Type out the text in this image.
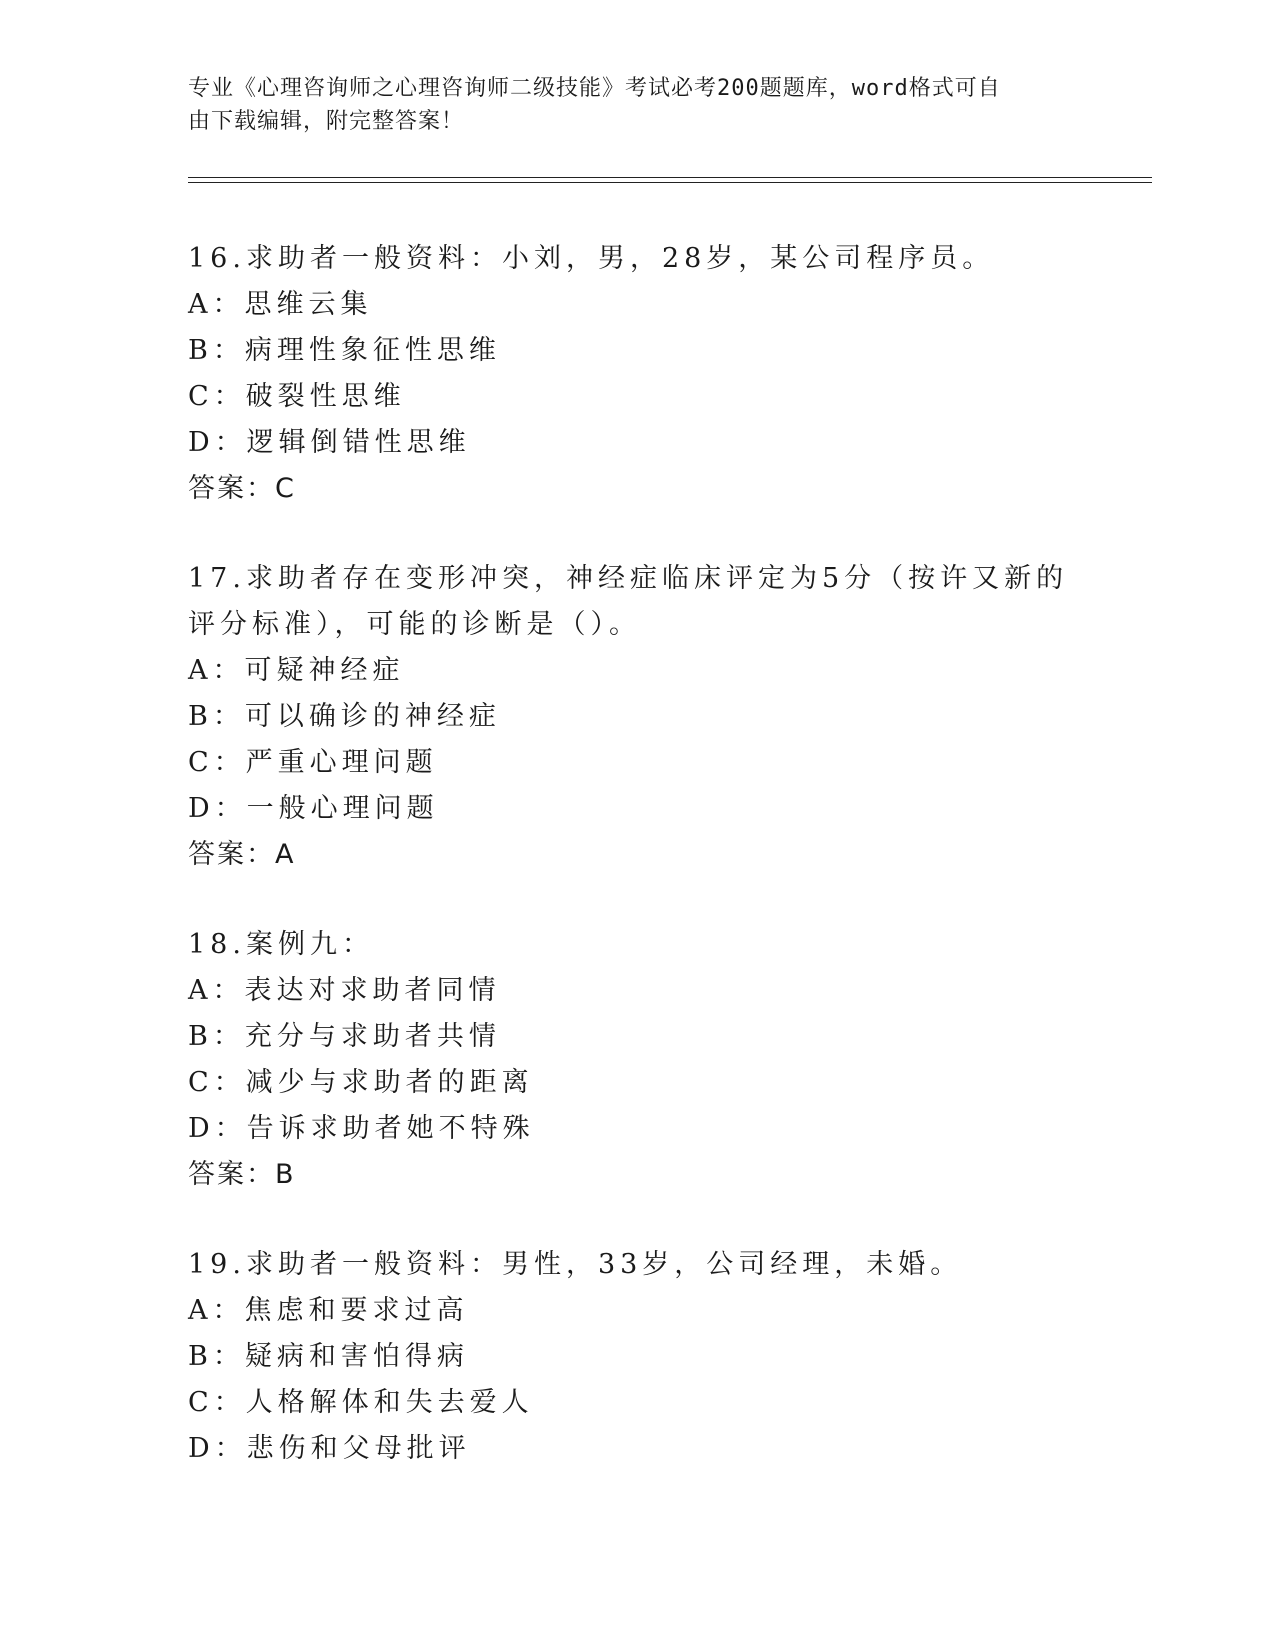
专业《心理咨询师之心理咨询师二级技能》考试必考200题题库，word格式可自
由下载编辑，附完整答案！
16.求助者一般资料：小刘，男，28岁，某公司程序员。
A：思维云集
B：病理性象征性思维
C：破裂性思维
D：逻辑倒错性思维
答案：C
17.求助者存在变形冲突，神经症临床评定为5分（按许又新的评分标准），可能的诊断是（）。
A：可疑神经症
B：可以确诊的神经症
C：严重心理问题
D：一般心理问题
答案：A
18.案例九：
A：表达对求助者同情
B：充分与求助者共情
C：减少与求助者的距离
D：告诉求助者她不特殊
答案：B
19.求助者一般资料：男性，33岁，公司经理，未婚。
A：焦虑和要求过高
B：疑病和害怕得病
C：人格解体和失去爱人
D：悲伤和父母批评
